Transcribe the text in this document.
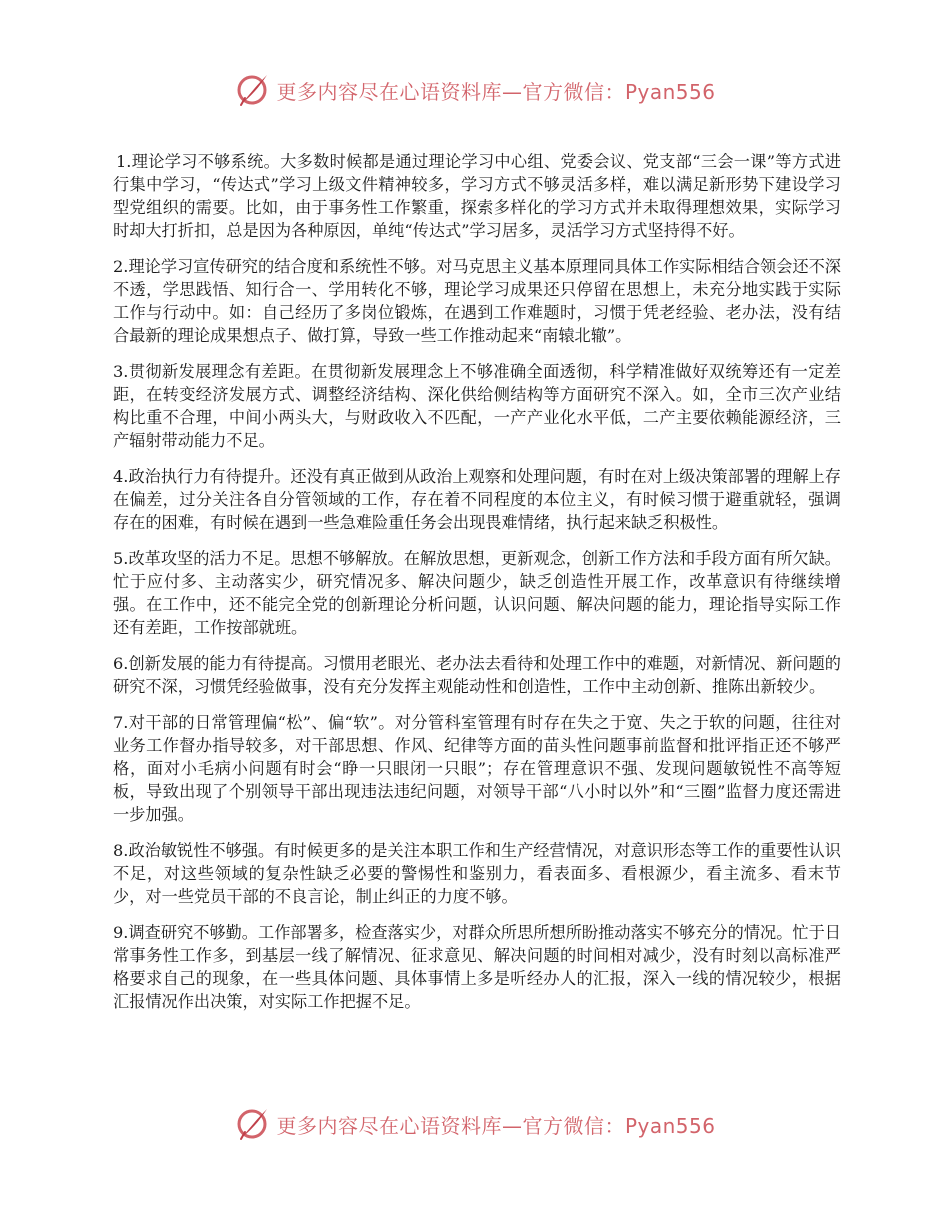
更多内容尽在心语资料库—官方微信：Pyan556

1.理论学习不够系统。大多数时候都是通过理论学习中心组、党委会议、党支部“三会一课”等方式进行集中学习，“传达式”学习上级文件精神较多，学习方式不够灵活多样，难以满足新形势下建设学习型党组织的需要。比如，由于事务性工作繁重，探索多样化的学习方式并未取得理想效果，实际学习时却大打折扣，总是因为各种原因，单纯“传达式”学习居多，灵活学习方式坚持得不好。

2.理论学习宣传研究的结合度和系统性不够。对马克思主义基本原理同具体工作实际相结合领会还不深不透，学思践悟、知行合一、学用转化不够，理论学习成果还只停留在思想上，未充分地实践于实际工作与行动中。如：自己经历了多岗位锻炼，在遇到工作难题时，习惯于凭老经验、老办法，没有结合最新的理论成果想点子、做打算，导致一些工作推动起来“南辕北辙”。

3.贯彻新发展理念有差距。在贯彻新发展理念上不够准确全面透彻，科学精准做好双统筹还有一定差距，在转变经济发展方式、调整经济结构、深化供给侧结构等方面研究不深入。如，全市三次产业结构比重不合理，中间小两头大，与财政收入不匹配，一产产业化水平低，二产主要依赖能源经济，三产辐射带动能力不足。

4.政治执行力有待提升。还没有真正做到从政治上观察和处理问题，有时在对上级决策部署的理解上存在偏差，过分关注各自分管领域的工作，存在着不同程度的本位主义，有时候习惯于避重就轻，强调存在的困难，有时候在遇到一些急难险重任务会出现畏难情绪，执行起来缺乏积极性。

5.改革攻坚的活力不足。思想不够解放。在解放思想，更新观念，创新工作方法和手段方面有所欠缺。忙于应付多、主动落实少，研究情况多、解决问题少，缺乏创造性开展工作，改革意识有待继续增强。在工作中，还不能完全党的创新理论分析问题，认识问题、解决问题的能力，理论指导实际工作还有差距，工作按部就班。

6.创新发展的能力有待提高。习惯用老眼光、老办法去看待和处理工作中的难题，对新情况、新问题的研究不深，习惯凭经验做事，没有充分发挥主观能动性和创造性，工作中主动创新、推陈出新较少。

7.对干部的日常管理偏“松”、偏“软”。对分管科室管理有时存在失之于宽、失之于软的问题，往往对业务工作督办指导较多，对干部思想、作风、纪律等方面的苗头性问题事前监督和批评指正还不够严格，面对小毛病小问题有时会“睁一只眼闭一只眼”；存在管理意识不强、发现问题敏锐性不高等短板，导致出现了个别领导干部出现违法违纪问题，对领导干部“八小时以外”和“三圈”监督力度还需进一步加强。

8.政治敏锐性不够强。有时候更多的是关注本职工作和生产经营情况，对意识形态等工作的重要性认识不足，对这些领域的复杂性缺乏必要的警惕性和鉴别力，看表面多、看根源少，看主流多、看末节少，对一些党员干部的不良言论，制止纠正的力度不够。

9.调查研究不够勤。工作部署多，检查落实少，对群众所思所想所盼推动落实不够充分的情况。忙于日常事务性工作多，到基层一线了解情况、征求意见、解决问题的时间相对减少，没有时刻以高标准严格要求自己的现象，在一些具体问题、具体事情上多是听经办人的汇报，深入一线的情况较少，根据汇报情况作出决策，对实际工作把握不足。

更多内容尽在心语资料库—官方微信：Pyan556
